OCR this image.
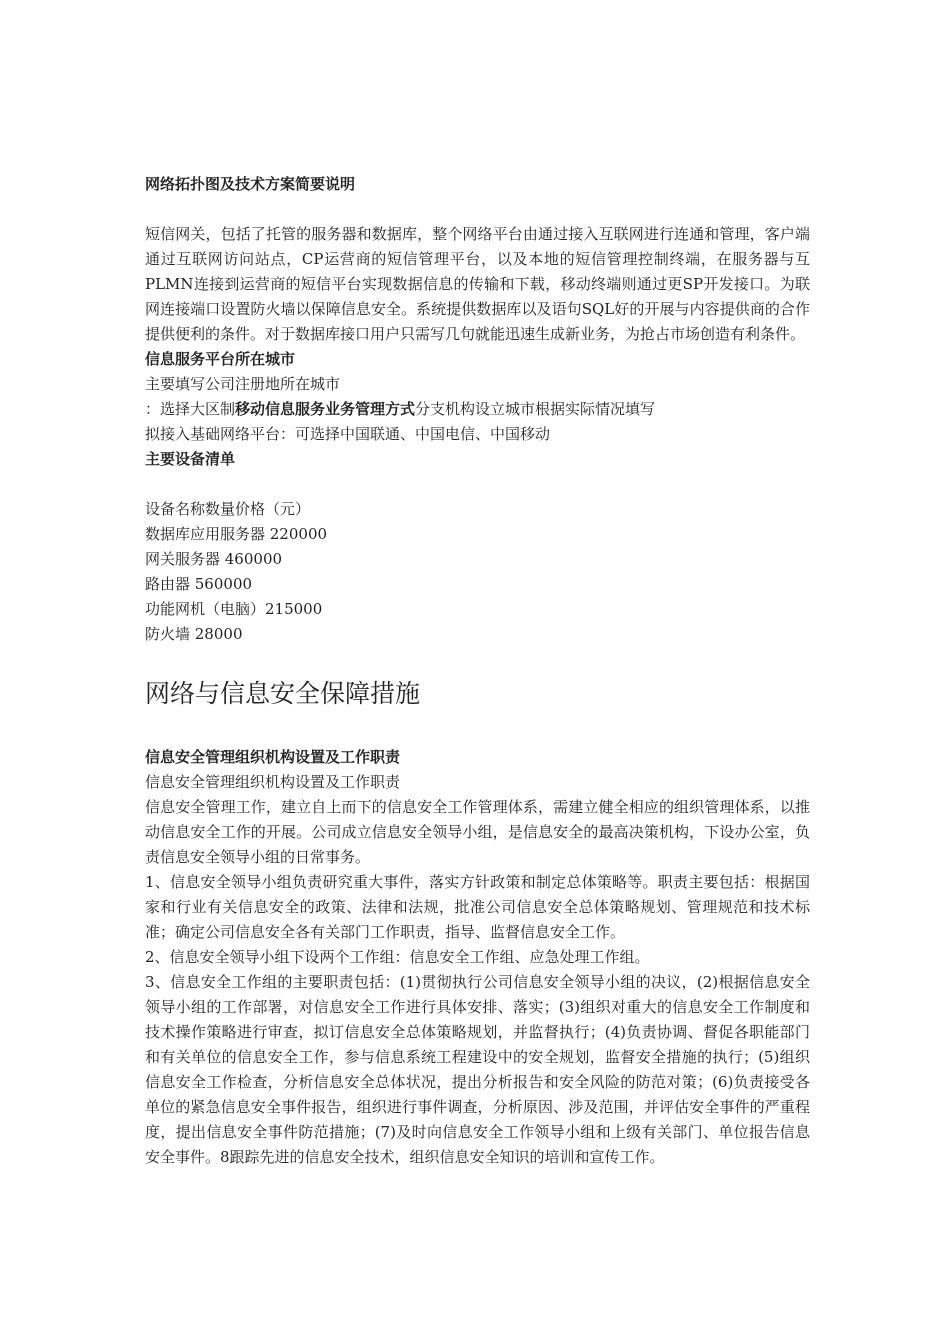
网络拓扑图及技术方案简要说明

短信网关，包括了托管的服务器和数据库，整个网络平台由通过接入互联网进行连通和管理，客户端通过互联网访问站点，CP运营商的短信管理平台，以及本地的短信管理控制终端，在服务器与互PLMN连接到运营商的短信平台实现数据信息的传输和下载，移动终端则通过更SP开发接口。为联网连接端口设置防火墙以保障信息安全。系统提供数据库以及语句SQL好的开展与内容提供商的合作提供便利的条件。对于数据库接口用户只需写几句就能迅速生成新业务，为抢占市场创造有利条件。

信息服务平台所在城市

主要填写公司注册地所在城市

：选择大区制移动信息服务业务管理方式分支机构设立城市根据实际情况填写

拟接入基础网络平台：可选择中国联通、中国电信、中国移动

主要设备清单

设备名称数量价格（元）

数据库应用服务器 220000

网关服务器 460000

路由器 560000

功能网机（电脑）215000

防火墙 28000

网络与信息安全保障措施

信息安全管理组织机构设置及工作职责

信息安全管理组织机构设置及工作职责

信息安全管理工作，建立自上而下的信息安全工作管理体系，需建立健全相应的组织管理体系，以推动信息安全工作的开展。公司成立信息安全领导小组，是信息安全的最高决策机构，下设办公室，负责信息安全领导小组的日常事务。

1、信息安全领导小组负责研究重大事件，落实方针政策和制定总体策略等。职责主要包括：根据国家和行业有关信息安全的政策、法律和法规，批准公司信息安全总体策略规划、管理规范和技术标准；确定公司信息安全各有关部门工作职责，指导、监督信息安全工作。

2、信息安全领导小组下设两个工作组：信息安全工作组、应急处理工作组。

3、信息安全工作组的主要职责包括：(1)贯彻执行公司信息安全领导小组的决议，(2)根据信息安全领导小组的工作部署，对信息安全工作进行具体安排、落实；(3)组织对重大的信息安全工作制度和技术操作策略进行审查，拟订信息安全总体策略规划，并监督执行；(4)负责协调、督促各职能部门和有关单位的信息安全工作，参与信息系统工程建设中的安全规划，监督安全措施的执行；(5)组织信息安全工作检查，分析信息安全总体状况，提出分析报告和安全风险的防范对策；(6)负责接受各单位的紧急信息安全事件报告，组织进行事件调查，分析原因、涉及范围，并评估安全事件的严重程度，提出信息安全事件防范措施；(7)及时向信息安全工作领导小组和上级有关部门、单位报告信息安全事件。8跟踪先进的信息安全技术，组织信息安全知识的培训和宣传工作。
